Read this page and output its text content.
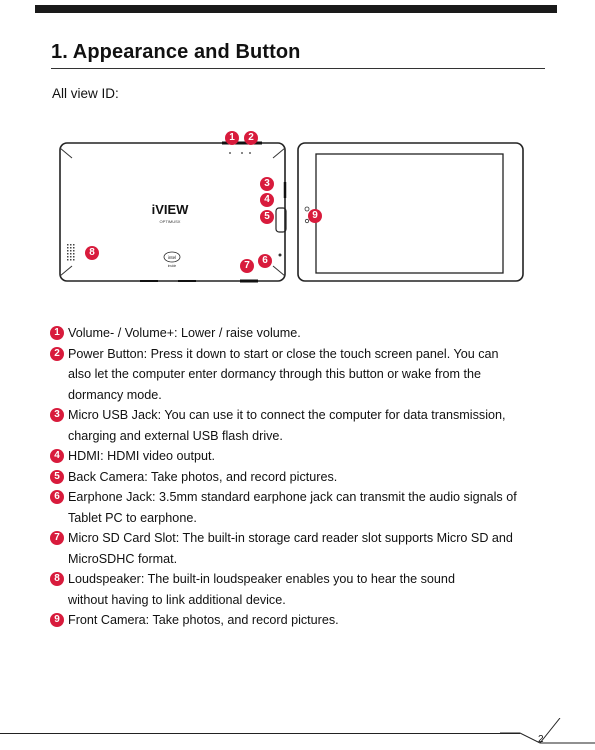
1. Appearance and Button
All view ID:
iVIEW
OPTIMUSX
intel
inside
1	2
3
4
5
6
7
8
9
1 Volume- / Volume+: Lower / raise volume.
2 Power Button: Press it down to start or close the touch screen panel. You can
also let the computer enter dormancy through this button or wake from the
dormancy mode.
3 Micro USB Jack: You can use it to connect the computer for data transmission,
charging and external USB flash drive.
4 HDMI: HDMI video output.
5 Back Camera: Take photos, and record pictures.
6 Earphone Jack: 3.5mm standard earphone jack can transmit the audio signals of
Tablet PC to earphone.
7 Micro SD Card Slot: The built-in storage card reader slot supports Micro SD and
MicroSDHC format.
8 Loudspeaker: The built-in loudspeaker enables you to hear the sound
without having to link additional device.
9 Front Camera: Take photos, and record pictures.
2
